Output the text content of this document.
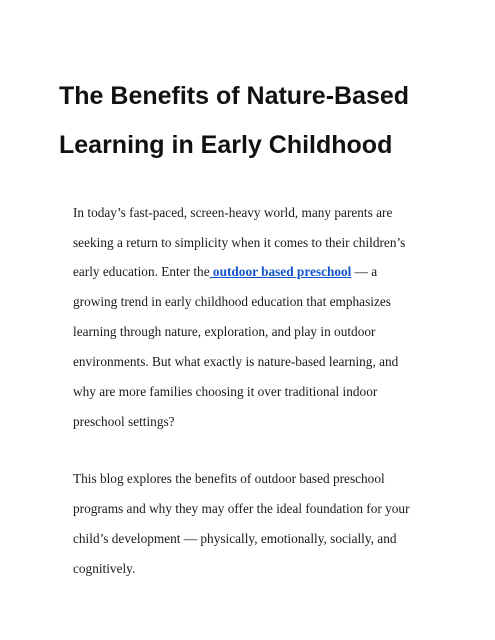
The Benefits of Nature-Based
Learning in Early Childhood
In today’s fast-paced, screen-heavy world, many parents are
seeking a return to simplicity when it comes to their children’s
early education. Enter the outdoor based preschool — a
growing trend in early childhood education that emphasizes
learning through nature, exploration, and play in outdoor
environments. But what exactly is nature-based learning, and
why are more families choosing it over traditional indoor
preschool settings?
This blog explores the benefits of outdoor based preschool
programs and why they may offer the ideal foundation for your
child’s development — physically, emotionally, socially, and
cognitively.
